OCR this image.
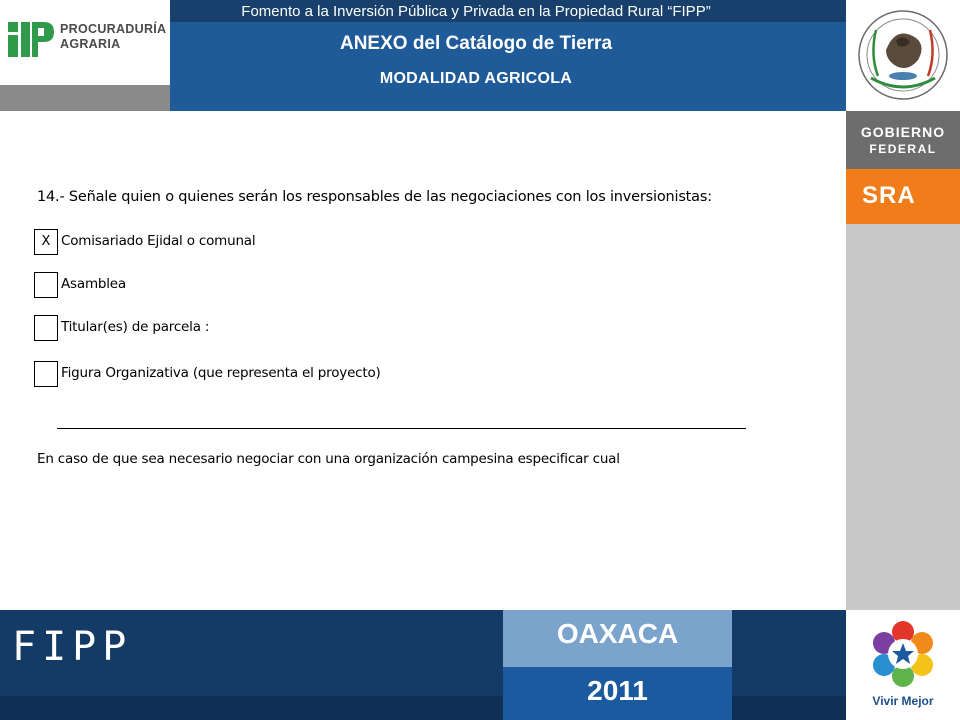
PROCURADURÍA
AGRARIA
Fomento a la Inversión Pública y Privada en la Propiedad Rural “FIPP”
ANEXO del Catálogo de Tierra
MODALIDAD AGRICOLA
GOBIERNO
FEDERAL
SRA
14.- Señale quien o quienes serán los responsables de las negociaciones con los inversionistas:
X Comisariado Ejidal o comunal
Asamblea
Titular(es) de parcela :
Figura Organizativa (que representa el proyecto)
En caso de que sea necesario negociar con una organización campesina especificar cual
FIPP	OAXACA
2011	Vivir Mejor
